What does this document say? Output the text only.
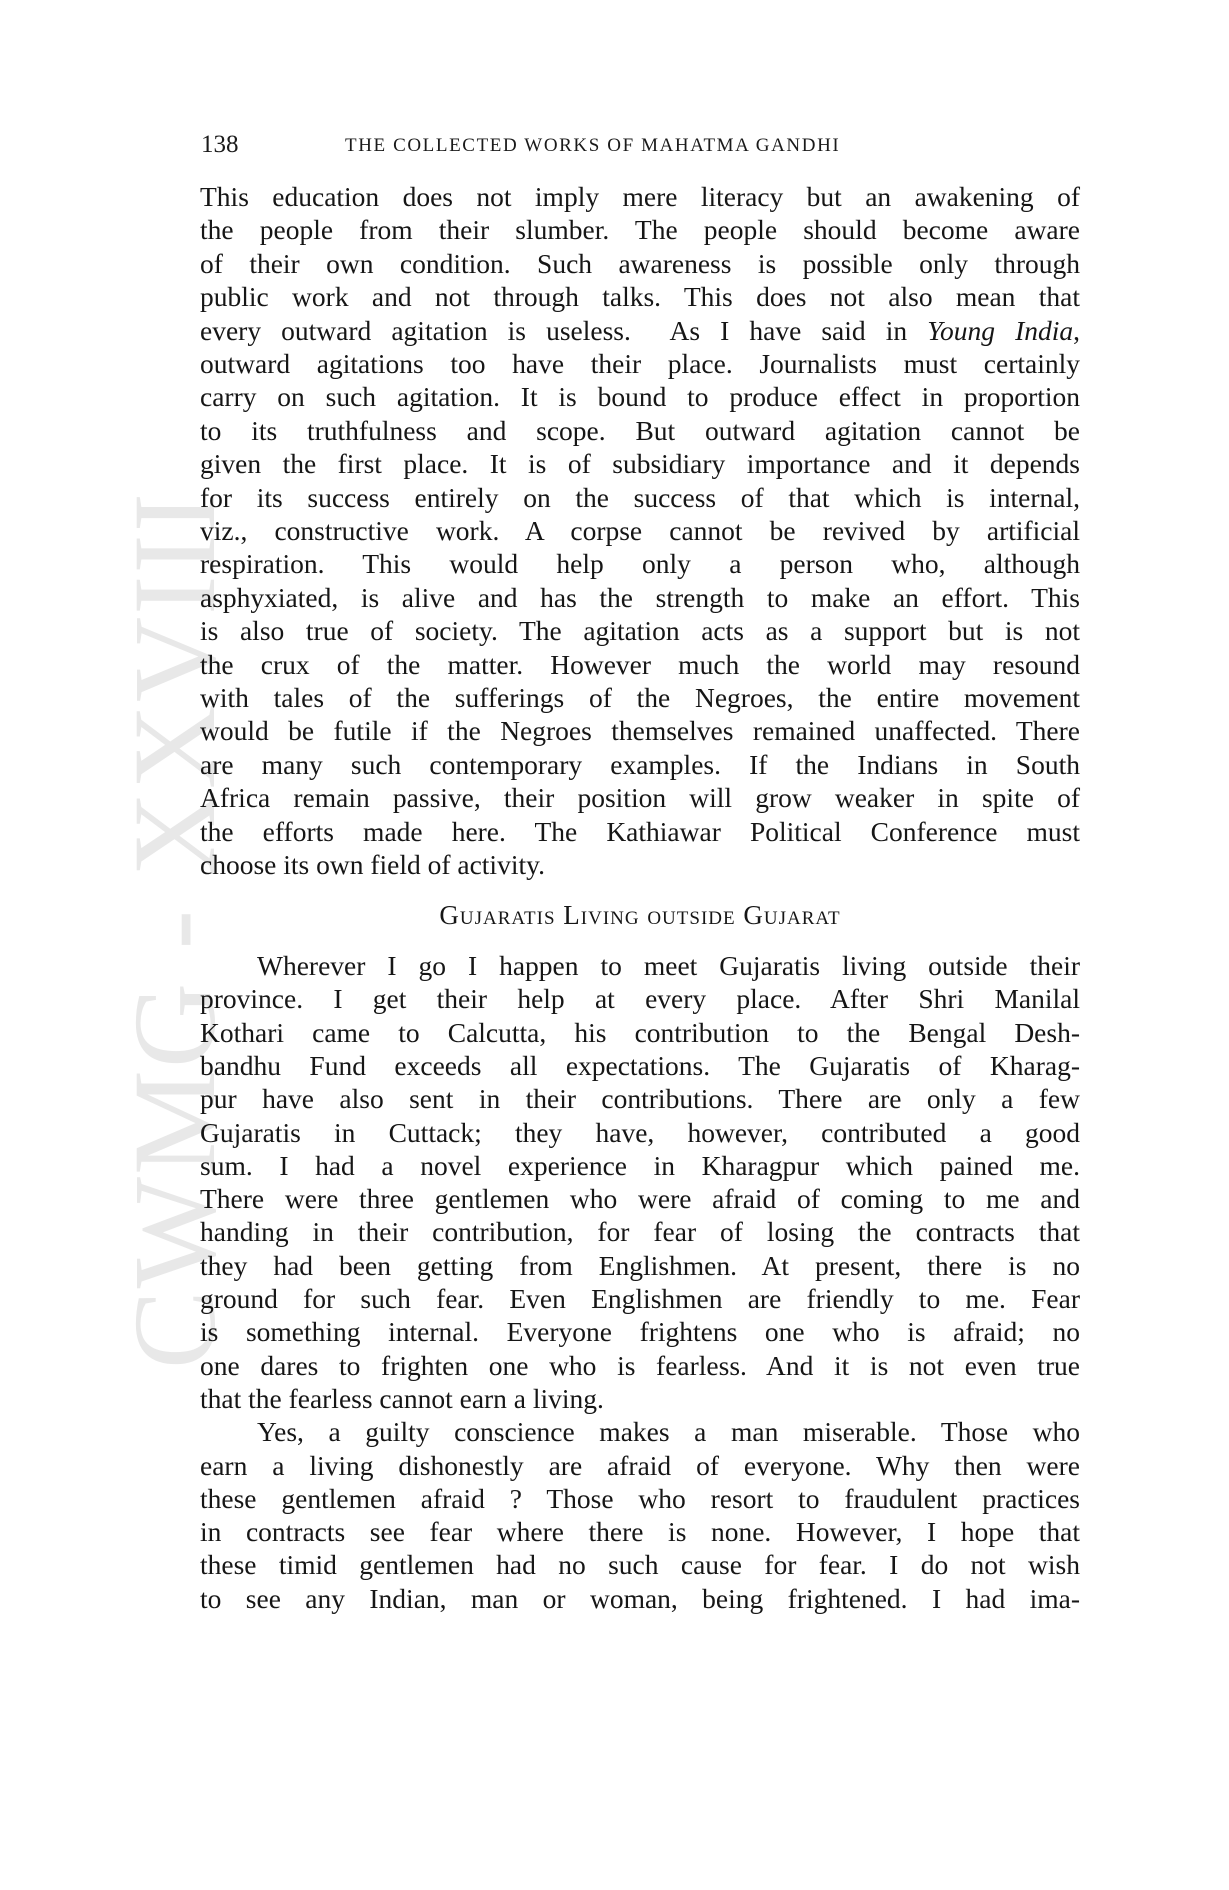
CWMG - XXVIII
138	THE COLLECTED WORKS OF MAHATMA GANDHI
This education does not imply mere literacy but an awakening of
the people from their slumber. The people should become aware
of their own condition. Such awareness is possible only through
public work and not through talks. This does not also mean that
every outward agitation is useless.  As I have said in Young India,
outward agitations too have their place. Journalists must certainly
carry on such agitation. It is bound to produce effect in proportion
to its truthfulness and scope. But outward agitation cannot be
given the first place. It is of subsidiary importance and it depends
for its success entirely on the success of that which is internal,
viz., constructive work. A corpse cannot be revived by artificial
respiration. This would help only a person who, although
asphyxiated, is alive and has the strength to make an effort. This
is also true of society. The agitation acts as a support but is not
the crux of the matter. However much the world may resound
with tales of the sufferings of the Negroes, the entire movement
would be futile if the Negroes themselves remained unaffected. There
are many such contemporary examples. If the Indians in South
Africa remain passive, their position will grow weaker in spite of
the efforts made here. The Kathiawar Political Conference must
choose its own field of activity.
Gujaratis Living outside Gujarat
Wherever I go I happen to meet Gujaratis living outside their
province. I get their help at every place. After Shri Manilal
Kothari came to Calcutta, his contribution to the Bengal Desh-
bandhu Fund exceeds all expectations. The Gujaratis of Kharag-
pur have also sent in their contributions. There are only a few
Gujaratis in Cuttack; they have, however, contributed a good
sum. I had a novel experience in Kharagpur which pained me.
There were three gentlemen who were afraid of coming to me and
handing in their contribution, for fear of losing the contracts that
they had been getting from Englishmen. At present, there is no
ground for such fear. Even Englishmen are friendly to me. Fear
is something internal. Everyone frightens one who is afraid; no
one dares to frighten one who is fearless. And it is not even true
that the fearless cannot earn a living.
Yes, a guilty conscience makes a man miserable. Those who
earn a living dishonestly are afraid of everyone. Why then were
these gentlemen afraid ? Those who resort to fraudulent practices
in contracts see fear where there is none. However, I hope that
these timid gentlemen had no such cause for fear. I do not wish
to see any Indian, man or woman, being frightened. I had ima-
